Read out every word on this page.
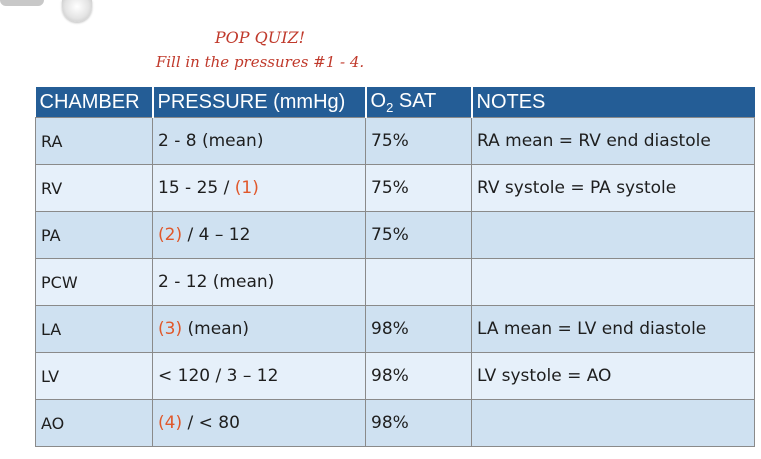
POP QUIZ!
Fill in the pressures #1 - 4.
CHAMBER	PRESSURE (mmHg)	$O_2$ SAT	NOTES
RA	2 - 8 (mean)	75%	RA mean = RV end diastole
RV	15 - 25 / (1)	75%	RV systole = PA systole
PA	(2) / 4 – 12	75%	
PCW	2 - 12 (mean)		
LA	(3) (mean)	98%	LA mean = LV end diastole
LV	< 120 / 3 – 12	98%	LV systole = AO
AO	(4) / < 80	98%	
